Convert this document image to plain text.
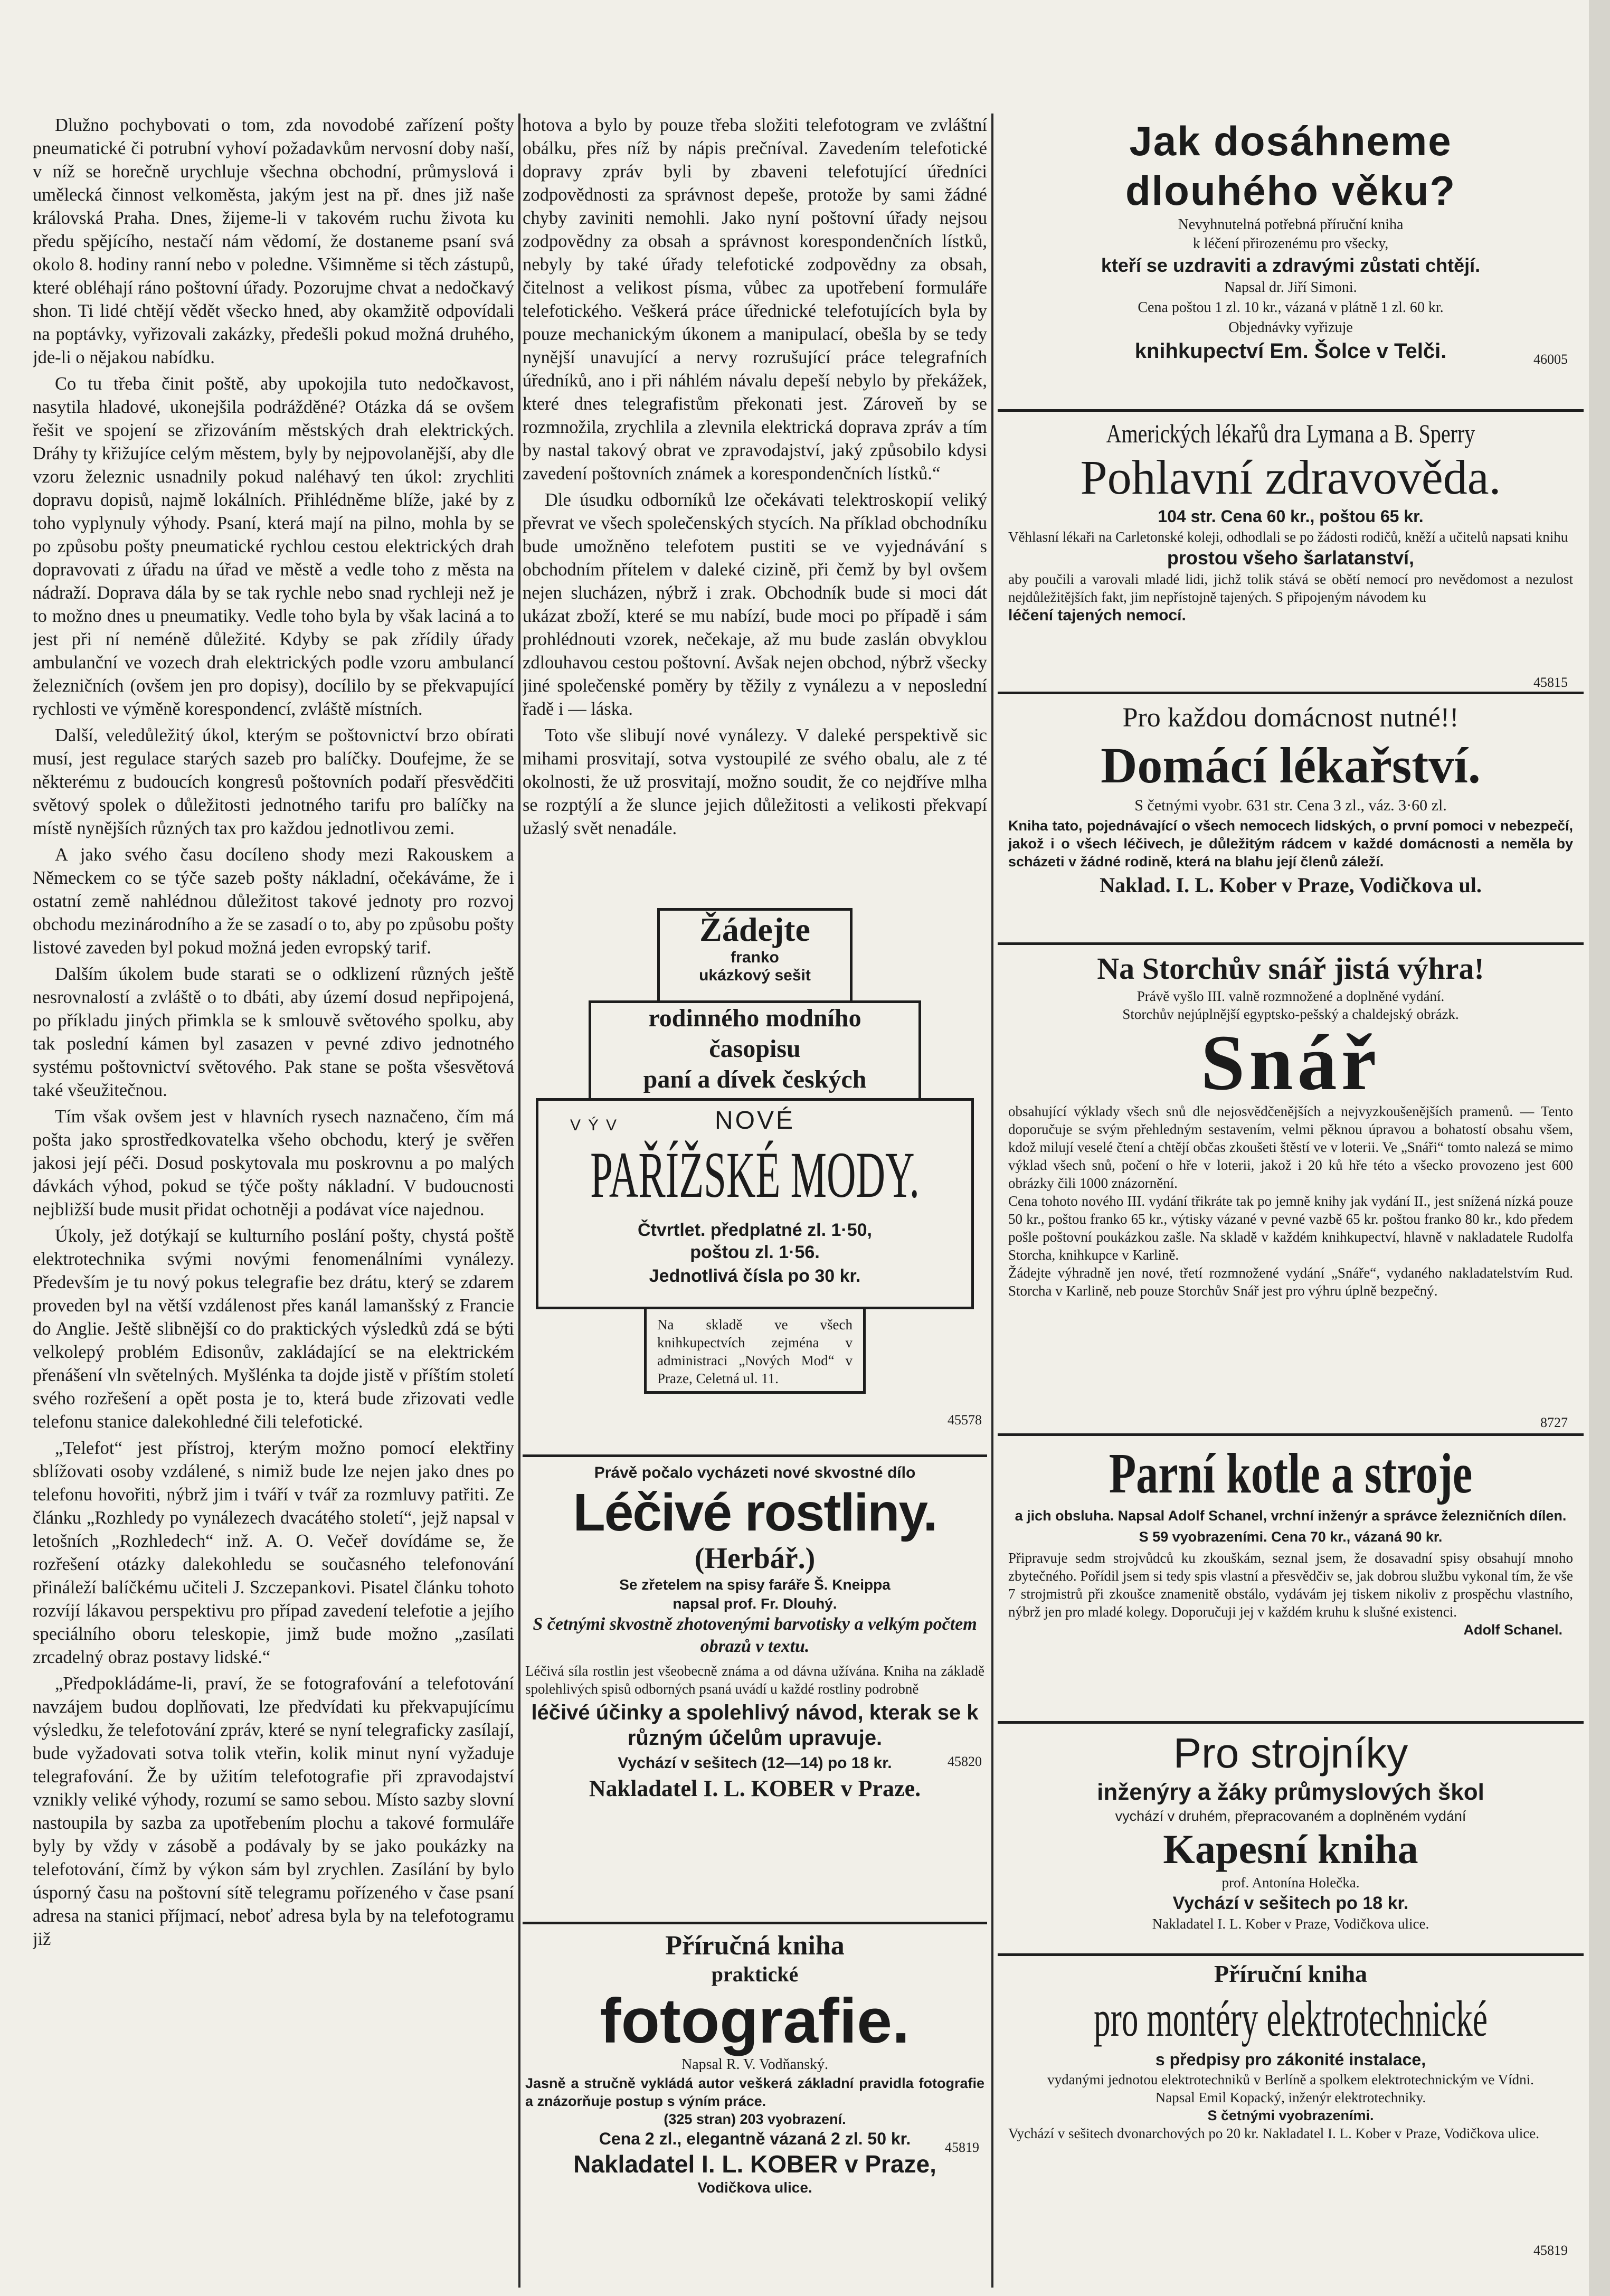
Dlužno pochybovati o tom, zda novodobé zařízení pošty pneumatické či potrubní vyhoví požadavkům nervosní doby naší, v níž se horečně urychluje všechna obchodní, průmyslová i umělecká činnost velkoměsta, jakým jest na př. dnes již naše královská Praha. Dnes, žijeme-li v takovém ruchu života ku předu spějícího, nestačí nám vědomí, že dostaneme psaní svá okolo 8. hodiny ranní nebo v poledne. Všimněme si těch zástupů, které obléhají ráno poštovní úřady. Pozorujme chvat a nedočkavý shon. Ti lidé chtějí vědět všecko hned, aby okamžitě odpovídali na poptávky, vyřizovali zakázky, předešli pokud možná druhého, jde-li o nějakou nabídku.

Co tu třeba činit poště, aby upokojila tuto nedočkavost, nasytila hladové, ukonejšila podrážděné? Otázka dá se ovšem řešit ve spojení se zřizováním městských drah elektrických. Dráhy ty křižujíce celým městem, byly by nejpovolanější, aby dle vzoru železnic usnadnily pokud naléhavý ten úkol: zrychliti dopravu dopisů, najmě lokálních. Přihlédněme blíže, jaké by z toho vyplynuly výhody. Psaní, která mají na pilno, mohla by se po způsobu pošty pneumatické rychlou cestou elektrických drah dopravovati z úřadu na úřad ve městě a vedle toho z města na nádraží. Doprava dála by se tak rychle nebo snad rychleji než je to možno dnes u pneumatiky. Vedle toho byla by však laciná a to jest při ní neméně důležité. Kdyby se pak zřídily úřady ambulanční ve vozech drah elektrických podle vzoru ambulancí železničních (ovšem jen pro dopisy), docílilo by se překvapující rychlosti ve výměně korespondencí, zvláště místních.

Další, veledůležitý úkol, kterým se poštovnictví brzo obírati musí, jest regulace starých sazeb pro balíčky. Doufejme, že se některému z budoucích kongresů poštovních podaří přesvědčiti světový spolek o důležitosti jednotného tarifu pro balíčky na místě nynějších různých tax pro každou jednotlivou zemi.

A jako svého času docíleno shody mezi Rakouskem a Německem co se týče sazeb pošty nákladní, očekáváme, že i ostatní země nahlédnou důležitost takové jednoty pro rozvoj obchodu mezinárodního a že se zasadí o to, aby po způsobu pošty listové zaveden byl pokud možná jeden evropský tarif.

Dalším úkolem bude starati se o odklizení různých ještě nesrovnalostí a zvláště o to dbáti, aby území dosud nepřipojená, po příkladu jiných přimkla se k smlouvě světového spolku, aby tak poslední kámen byl zasazen v pevné zdivo jednotného systému poštovnictví světového. Pak stane se pošta všesvětová také všeužitečnou.

Tím však ovšem jest v hlavních rysech naznačeno, čím má pošta jako sprostředkovatelka všeho obchodu, který je svěřen jakosi její péči. Dosud poskytovala mu poskrovnu a po malých dávkách výhod, pokud se týče pošty nákladní. V budoucnosti nejbližší bude musit přidat ochotněji a podávat více najednou.

Úkoly, jež dotýkají se kulturního poslání pošty, chystá poště elektrotechnika svými novými fenomenálními vynálezy. Především je tu nový pokus telegrafie bez drátu, který se zdarem proveden byl na větší vzdálenost přes kanál lamanšský z Francie do Anglie. Ještě slibnější co do praktických výsledků zdá se býti velkolepý problém Edisonův, zakládající se na elektrickém přenášení vln světelných. Myšlénka ta dojde jistě v příštím století svého rozřešení a opět posta je to, která bude zřizovati vedle telefonu stanice dalekohledné čili telefotické.

„Telefot“ jest přístroj, kterým možno pomocí elektřiny sblížovati osoby vzdálené, s nimiž bude lze nejen jako dnes po telefonu hovořiti, nýbrž jim i tváří v tvář za rozmluvy patřiti. Ze článku „Rozhledy po vynálezech dvacátého století“, jejž napsal v letošních „Rozhledech“ inž. A. O. Večeř dovídáme se, že rozřešení otázky dalekohledu se současného telefonování přináleží balíčkému učiteli J. Szczepankovi. Pisatel článku tohoto rozvíjí lákavou perspektivu pro případ zavedení telefotie a jejího speciálního oboru teleskopie, jimž bude možno „zasílati zrcadelný obraz postavy lidské.“

„Předpokládáme-li, praví, že se fotografování a telefotování navzájem budou doplňovati, lze předvídati ku překvapujícímu výsledku, že telefotování zpráv, které se nyní telegraficky zasílají, bude vyžadovati sotva tolik vteřin, kolik minut nyní vyžaduje telegrafování. Že by užitím telefotografie při zpravodajství vznikly veliké výhody, rozumí se samo sebou. Místo sazby slovní nastoupila by sazba za upotřebením plochu a takové formuláře byly by vždy v zásobě a podávaly by se jako poukázky na telefotování, čímž by výkon sám byl zrychlen. Zasílání by bylo úsporný času na poštovní sítě telegramu pořízeného v čase psaní adresa na stanici příjmací, neboť adresa byla by na telefotogramu již

hotova a bylo by pouze třeba složiti telefotogram ve zvláštní obálku, přes níž by nápis prečníval. Zavedením telefotické dopravy zpráv byli by zbaveni telefotující úředníci zodpovědnosti za správnost depeše, protože by sami žádné chyby zaviniti nemohli. Jako nyní poštovní úřady nejsou zodpovědny za obsah a správnost korespondenčních lístků, nebyly by také úřady telefotické zodpovědny za obsah, čitelnost a velikost písma, vůbec za upotřebení formuláře telefotického. Veškerá práce úřednické telefotujících byla by pouze mechanickým úkonem a manipulací, obešla by se tedy nynější unavující a nervy rozrušující práce telegrafních úředníků, ano i při náhlém návalu depeší nebylo by překážek, které dnes telegrafistům překonati jest. Zároveň by se rozmnožila, zrychlila a zlevnila elektrická doprava zpráv a tím by nastal takový obrat ve zpravodajství, jaký způsobilo kdysi zavedení poštovních známek a korespondenčních lístků.“

Dle úsudku odborníků lze očekávati telektroskopií veliký převrat ve všech společenských stycích. Na příklad obchodníku bude umožněno telefotem pustiti se ve vyjednávání s obchodním přítelem v daleké cizině, při čemž by byl ovšem nejen slucházen, nýbrž i zrak. Obchodník bude si moci dát ukázat zboží, které se mu nabízí, bude moci po případě i sám prohlédnouti vzorek, nečekaje, až mu bude zaslán obvyklou zdlouhavou cestou poštovní. Avšak nejen obchod, nýbrž všecky jiné společenské poměry by těžily z vynálezu a v neposlední řadě i — láska.

Toto vše slibují nové vynálezy. V daleké perspektivě sic mihami prosvitají, sotva vystoupilé ze svého obalu, ale z té okolnosti, že už prosvitají, možno soudit, že co nejdříve mlha se rozptýlí a že slunce jejich důležitosti a velikosti překvapí užaslý svět nenadále.

Žádejte
franko
ukázkový sešit
rodinného modního
časopisu
paní a dívek českých
NOVÉ
VÝV
PAŘÍŽSKÉ MODY.
Čtvrtlet. předplatné zl. 1·50,
poštou zl. 1·56.
Jednotlivá čísla po 30 kr.
Na skladě ve všech knihkupectvích zejména v administraci „Nových Mod“ v Praze, Celetná ul. 11.
45578
Právě počalo vycházeti nové skvostné dílo
Léčivé rostliny.
(Herbář.)
Se zřetelem na spisy faráře Š. Kneippa
napsal prof. Fr. Dlouhý.
S četnými skvostně zhotovenými barvotisky a velkým počtem obrazů v textu.
Léčivá síla rostlin jest všeobecně známa a od dávna užívána. Kniha na základě spolehlivých spisů odborných psaná uvádí u každé rostliny podrobně
léčivé účinky a spolehlivý návod, kterak se k různým účelům upravuje.
Vychází v sešitech (12—14) po 18 kr.
Nakladatel I. L. KOBER v Praze.
45820
Příručná kniha
praktické
fotografie.
Napsal R. V. Vodňanský.
Jasně a stručně vykládá autor veškerá základní pravidla fotografie a znázorňuje postup s výním práce.
(325 stran) 203 vyobrazení.
Cena 2 zl., elegantně vázaná 2 zl. 50 kr.
Nakladatel I. L. KOBER v Praze,
Vodičkova ulice.
45819
Jak dosáhneme
dlouhého věku?
Nevyhnutelná potřebná příruční kniha
k léčení přirozenému pro všecky,
kteří se uzdraviti a zdravými zůstati chtějí.
Napsal dr. Jiří Simoni.
Cena poštou 1 zl. 10 kr., vázaná v plátně 1 zl. 60 kr.
Objednávky vyřizuje
knihkupectví Em. Šolce v Telči.	46005
Amerických lékařů dra Lymana a B. Sperry
Pohlavní zdravověda.
104 str. Cena 60 kr., poštou 65 kr.
Věhlasní lékaři na Carletonské koleji, odhodlali se po žádosti rodičů, kněží a učitelů napsati knihu
prostou všeho šarlatanství,
aby poučili a varovali mladé lidi, jichž tolik stává se obětí nemocí pro nevědomost a nezulost nejdůležitějších fakt, jim nepřístojně tajených. S připojeným návodem ku
léčení tajených nemocí.
45815
Pro každou domácnost nutné!!
Domácí lékařství.
S četnými vyobr. 631 str. Cena 3 zl., váz. 3·60 zl.
Kniha tato, pojednávající o všech nemocech lidských, o první pomoci v nebezpečí, jakož i o všech léčivech, je důležitým rádcem v každé domácnosti a neměla by scházeti v žádné rodině, která na blahu její členů záleží.
Naklad. I. L. Kober v Praze, Vodičkova ul.
Na Storchův snář jistá výhra!
Právě vyšlo III. valně rozmnožené a doplněné vydání.
Storchův nejúplnější egyptsko-pešský a chaldejský obrázk.
Snář
obsahující výklady všech snů dle nejosvědčenějších a nejvyzkoušenějších pramenů. — Tento doporučuje se svým přehledným sestavením, velmi pěknou úpravou a bohatostí obsahu všem, kdož milují veselé čtení a chtějí občas zkoušeti štěstí ve v loterii. Ve „Snáři“ tomto nalezá se mimo výklad všech snů, počení o hře v loterii, jakož i 20 ků hře této a všecko provozeno jest 600 obrázky čili 1000 znázornění.
Cena tohoto nového III. vydání třikráte tak po jemně knihy jak vydání II., jest snížená nízká pouze 50 kr., poštou franko 65 kr., výtisky vázané v pevné vazbě 65 kr. poštou franko 80 kr., kdo předem pošle poštovní poukázkou zašle. Na skladě v každém knihkupectví, hlavně v nakladatele Rudolfa Storcha, knihkupce v Karlině.
Žádejte výhradně jen nové, třetí rozmnožené vydání „Snáře“, vydaného nakladatelstvím Rud. Storcha v Karlině, neb pouze Storchův Snář jest pro výhru úplně bezpečný.
8727
Parní kotle a stroje
a jich obsluha. Napsal Adolf Schanel, vrchní inženýr a správce železničních dílen.
S 59 vyobrazeními. Cena 70 kr., vázaná 90 kr.
Připravuje sedm strojvůdců ku zkouškám, seznal jsem, že dosavadní spisy obsahují mnoho zbytečného. Pořídil jsem si tedy spis vlastní a přesvědčiv se, jak dobrou službu vykonal tím, že vše 7 strojmistrů při zkoušce znamenitě obstálo, vydávám jej tiskem nikoliv z prospěchu vlastního, nýbrž jen pro mladé kolegy. Doporučuji jej v každém kruhu k slušné existenci.
Adolf Schanel.
Pro strojníky
inženýry a žáky průmyslových škol
vychází v druhém, přepracovaném a doplněném vydání
Kapesní kniha
prof. Antonína Holečka.
Vychází v sešitech po 18 kr.
Nakladatel I. L. Kober v Praze, Vodičkova ulice.
Příruční kniha
pro montéry elektrotechnické
s předpisy pro zákonité instalace,
vydanými jednotou elektrotechniků v Berlíně a spolkem elektrotechnickým ve Vídni.
Napsal Emil Kopacký, inženýr elektrotechniky.
S četnými vyobrazeními.
Vychází v sešitech dvonarchových po 20 kr. Nakladatel I. L. Kober v Praze, Vodičkova ulice.
45819
